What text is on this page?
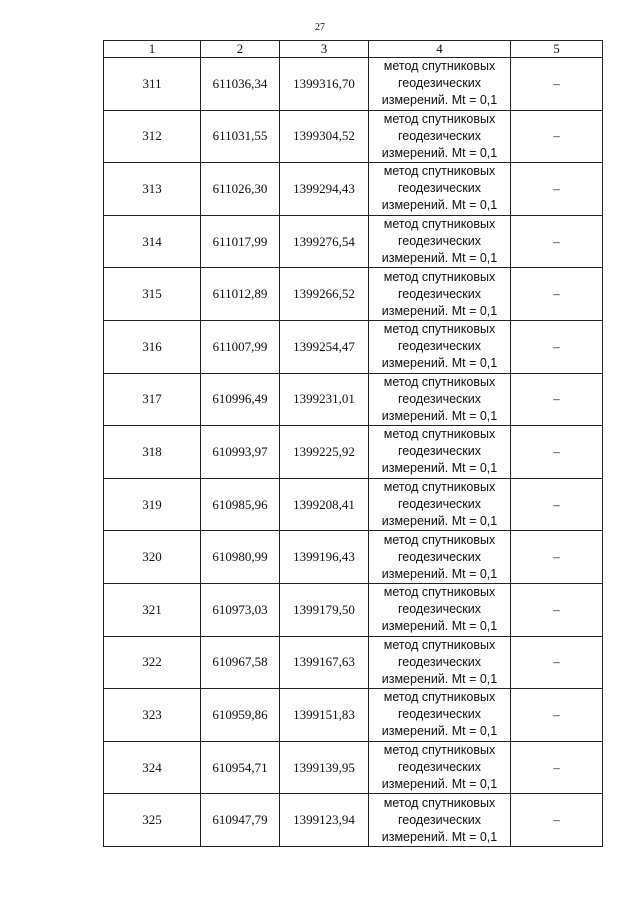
27
1	2	3	4	5
311	611036,34	1399316,70	метод спутниковых
геодезических
измерений. Mt = 0,1	–
312	611031,55	1399304,52	метод спутниковых
геодезических
измерений. Mt = 0,1	–
313	611026,30	1399294,43	метод спутниковых
геодезических
измерений. Mt = 0,1	–
314	611017,99	1399276,54	метод спутниковых
геодезических
измерений. Mt = 0,1	–
315	611012,89	1399266,52	метод спутниковых
геодезических
измерений. Mt = 0,1	–
316	611007,99	1399254,47	метод спутниковых
геодезических
измерений. Mt = 0,1	–
317	610996,49	1399231,01	метод спутниковых
геодезических
измерений. Mt = 0,1	–
318	610993,97	1399225,92	метод спутниковых
геодезических
измерений. Mt = 0,1	–
319	610985,96	1399208,41	метод спутниковых
геодезических
измерений. Mt = 0,1	–
320	610980,99	1399196,43	метод спутниковых
геодезических
измерений. Mt = 0,1	–
321	610973,03	1399179,50	метод спутниковых
геодезических
измерений. Mt = 0,1	–
322	610967,58	1399167,63	метод спутниковых
геодезических
измерений. Mt = 0,1	–
323	610959,86	1399151,83	метод спутниковых
геодезических
измерений. Mt = 0,1	–
324	610954,71	1399139,95	метод спутниковых
геодезических
измерений. Mt = 0,1	–
325	610947,79	1399123,94	метод спутниковых
геодезических
измерений. Mt = 0,1	–
